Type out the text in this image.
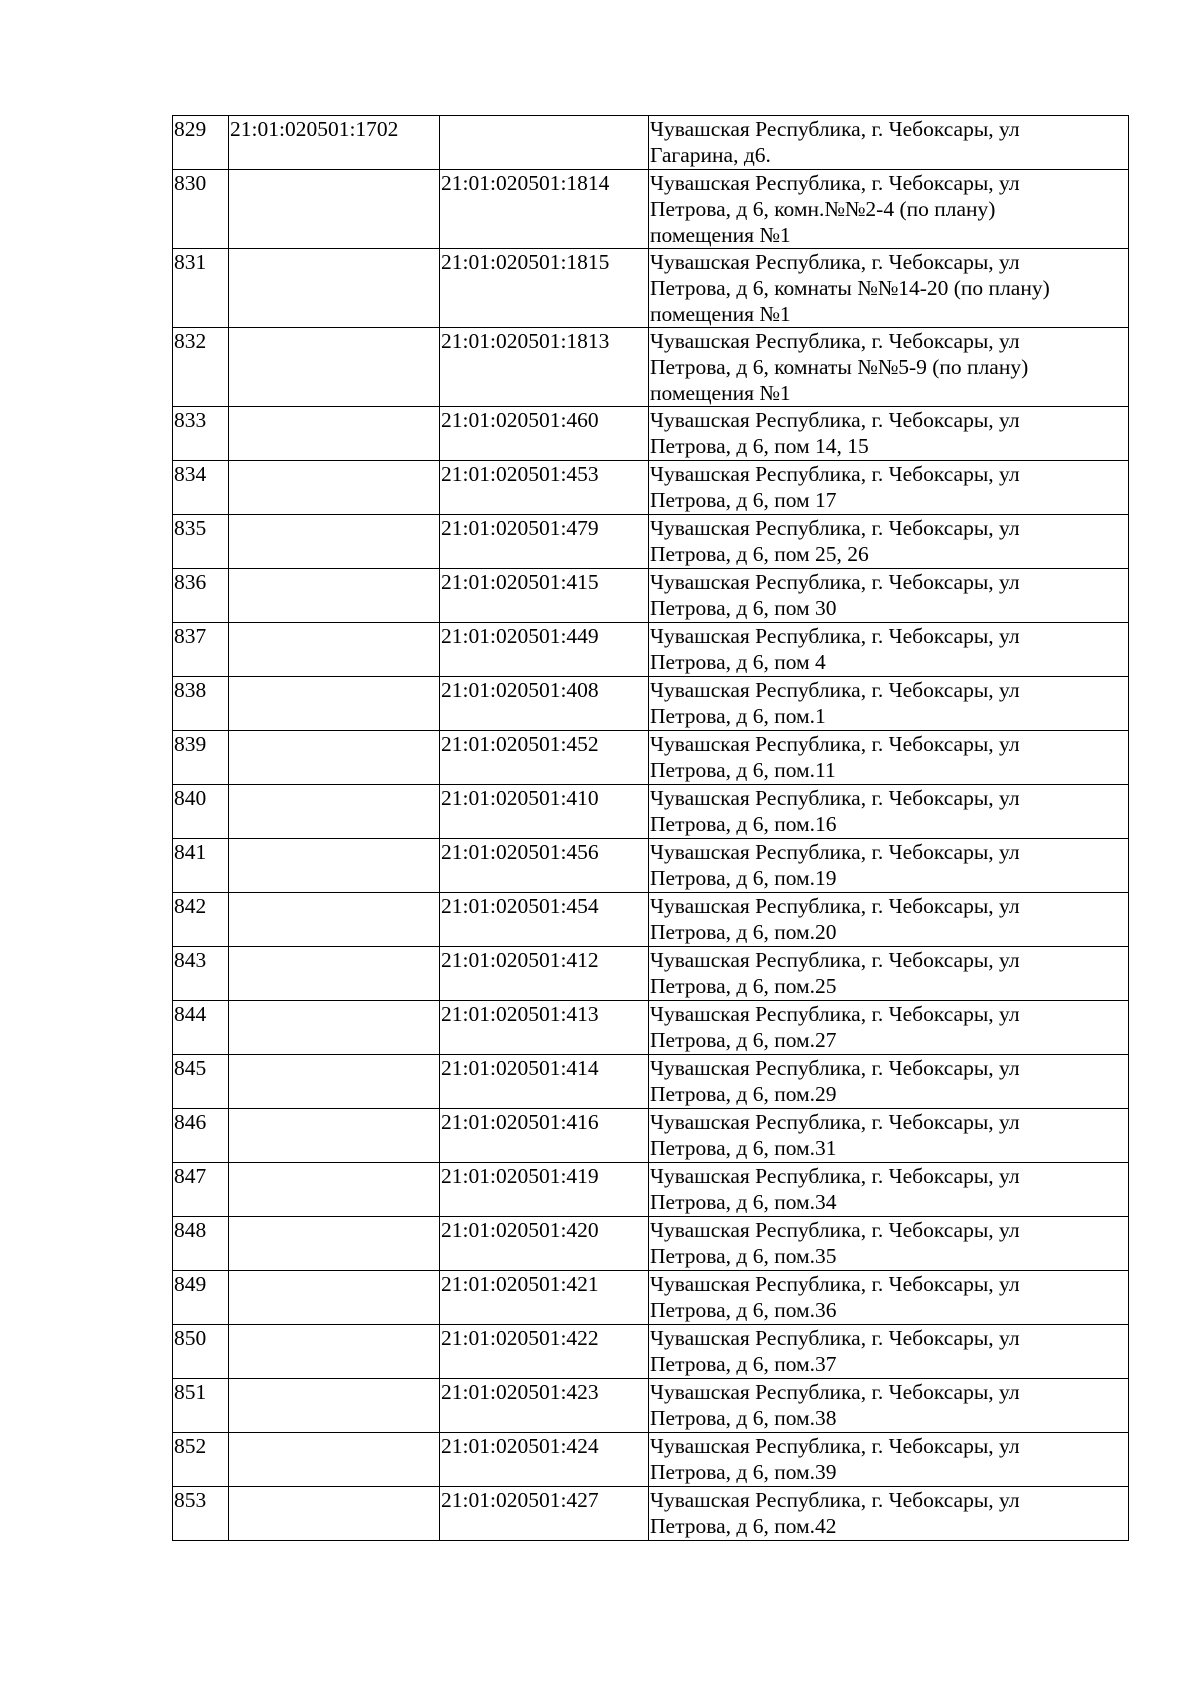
829	21:01:020501:1702		Чувашская Республика, г. Чебоксары, ул
Гагарина, д6.

830		21:01:020501:1814	Чувашская Республика, г. Чебоксары, ул
Петрова, д 6, комн.№№2-4 (по плану)
помещения №1

831		21:01:020501:1815	Чувашская Республика, г. Чебоксары, ул
Петрова, д 6, комнаты №№14-20 (по плану)
помещения №1

832		21:01:020501:1813	Чувашская Республика, г. Чебоксары, ул
Петрова, д 6, комнаты №№5-9 (по плану)
помещения №1

833		21:01:020501:460	Чувашская Республика, г. Чебоксары, ул
Петрова, д 6, пом 14, 15

834		21:01:020501:453	Чувашская Республика, г. Чебоксары, ул
Петрова, д 6, пом 17

835		21:01:020501:479	Чувашская Республика, г. Чебоксары, ул
Петрова, д 6, пом 25, 26

836		21:01:020501:415	Чувашская Республика, г. Чебоксары, ул
Петрова, д 6, пом 30

837		21:01:020501:449	Чувашская Республика, г. Чебоксары, ул
Петрова, д 6, пом 4

838		21:01:020501:408	Чувашская Республика, г. Чебоксары, ул
Петрова, д 6, пом.1

839		21:01:020501:452	Чувашская Республика, г. Чебоксары, ул
Петрова, д 6, пом.11

840		21:01:020501:410	Чувашская Республика, г. Чебоксары, ул
Петрова, д 6, пом.16

841		21:01:020501:456	Чувашская Республика, г. Чебоксары, ул
Петрова, д 6, пом.19

842		21:01:020501:454	Чувашская Республика, г. Чебоксары, ул
Петрова, д 6, пом.20

843		21:01:020501:412	Чувашская Республика, г. Чебоксары, ул
Петрова, д 6, пом.25

844		21:01:020501:413	Чувашская Республика, г. Чебоксары, ул
Петрова, д 6, пом.27

845		21:01:020501:414	Чувашская Республика, г. Чебоксары, ул
Петрова, д 6, пом.29

846		21:01:020501:416	Чувашская Республика, г. Чебоксары, ул
Петрова, д 6, пом.31

847		21:01:020501:419	Чувашская Республика, г. Чебоксары, ул
Петрова, д 6, пом.34

848		21:01:020501:420	Чувашская Республика, г. Чебоксары, ул
Петрова, д 6, пом.35

849		21:01:020501:421	Чувашская Республика, г. Чебоксары, ул
Петрова, д 6, пом.36

850		21:01:020501:422	Чувашская Республика, г. Чебоксары, ул
Петрова, д 6, пом.37

851		21:01:020501:423	Чувашская Республика, г. Чебоксары, ул
Петрова, д 6, пом.38

852		21:01:020501:424	Чувашская Республика, г. Чебоксары, ул
Петрова, д 6, пом.39

853		21:01:020501:427	Чувашская Республика, г. Чебоксары, ул
Петрова, д 6, пом.42
